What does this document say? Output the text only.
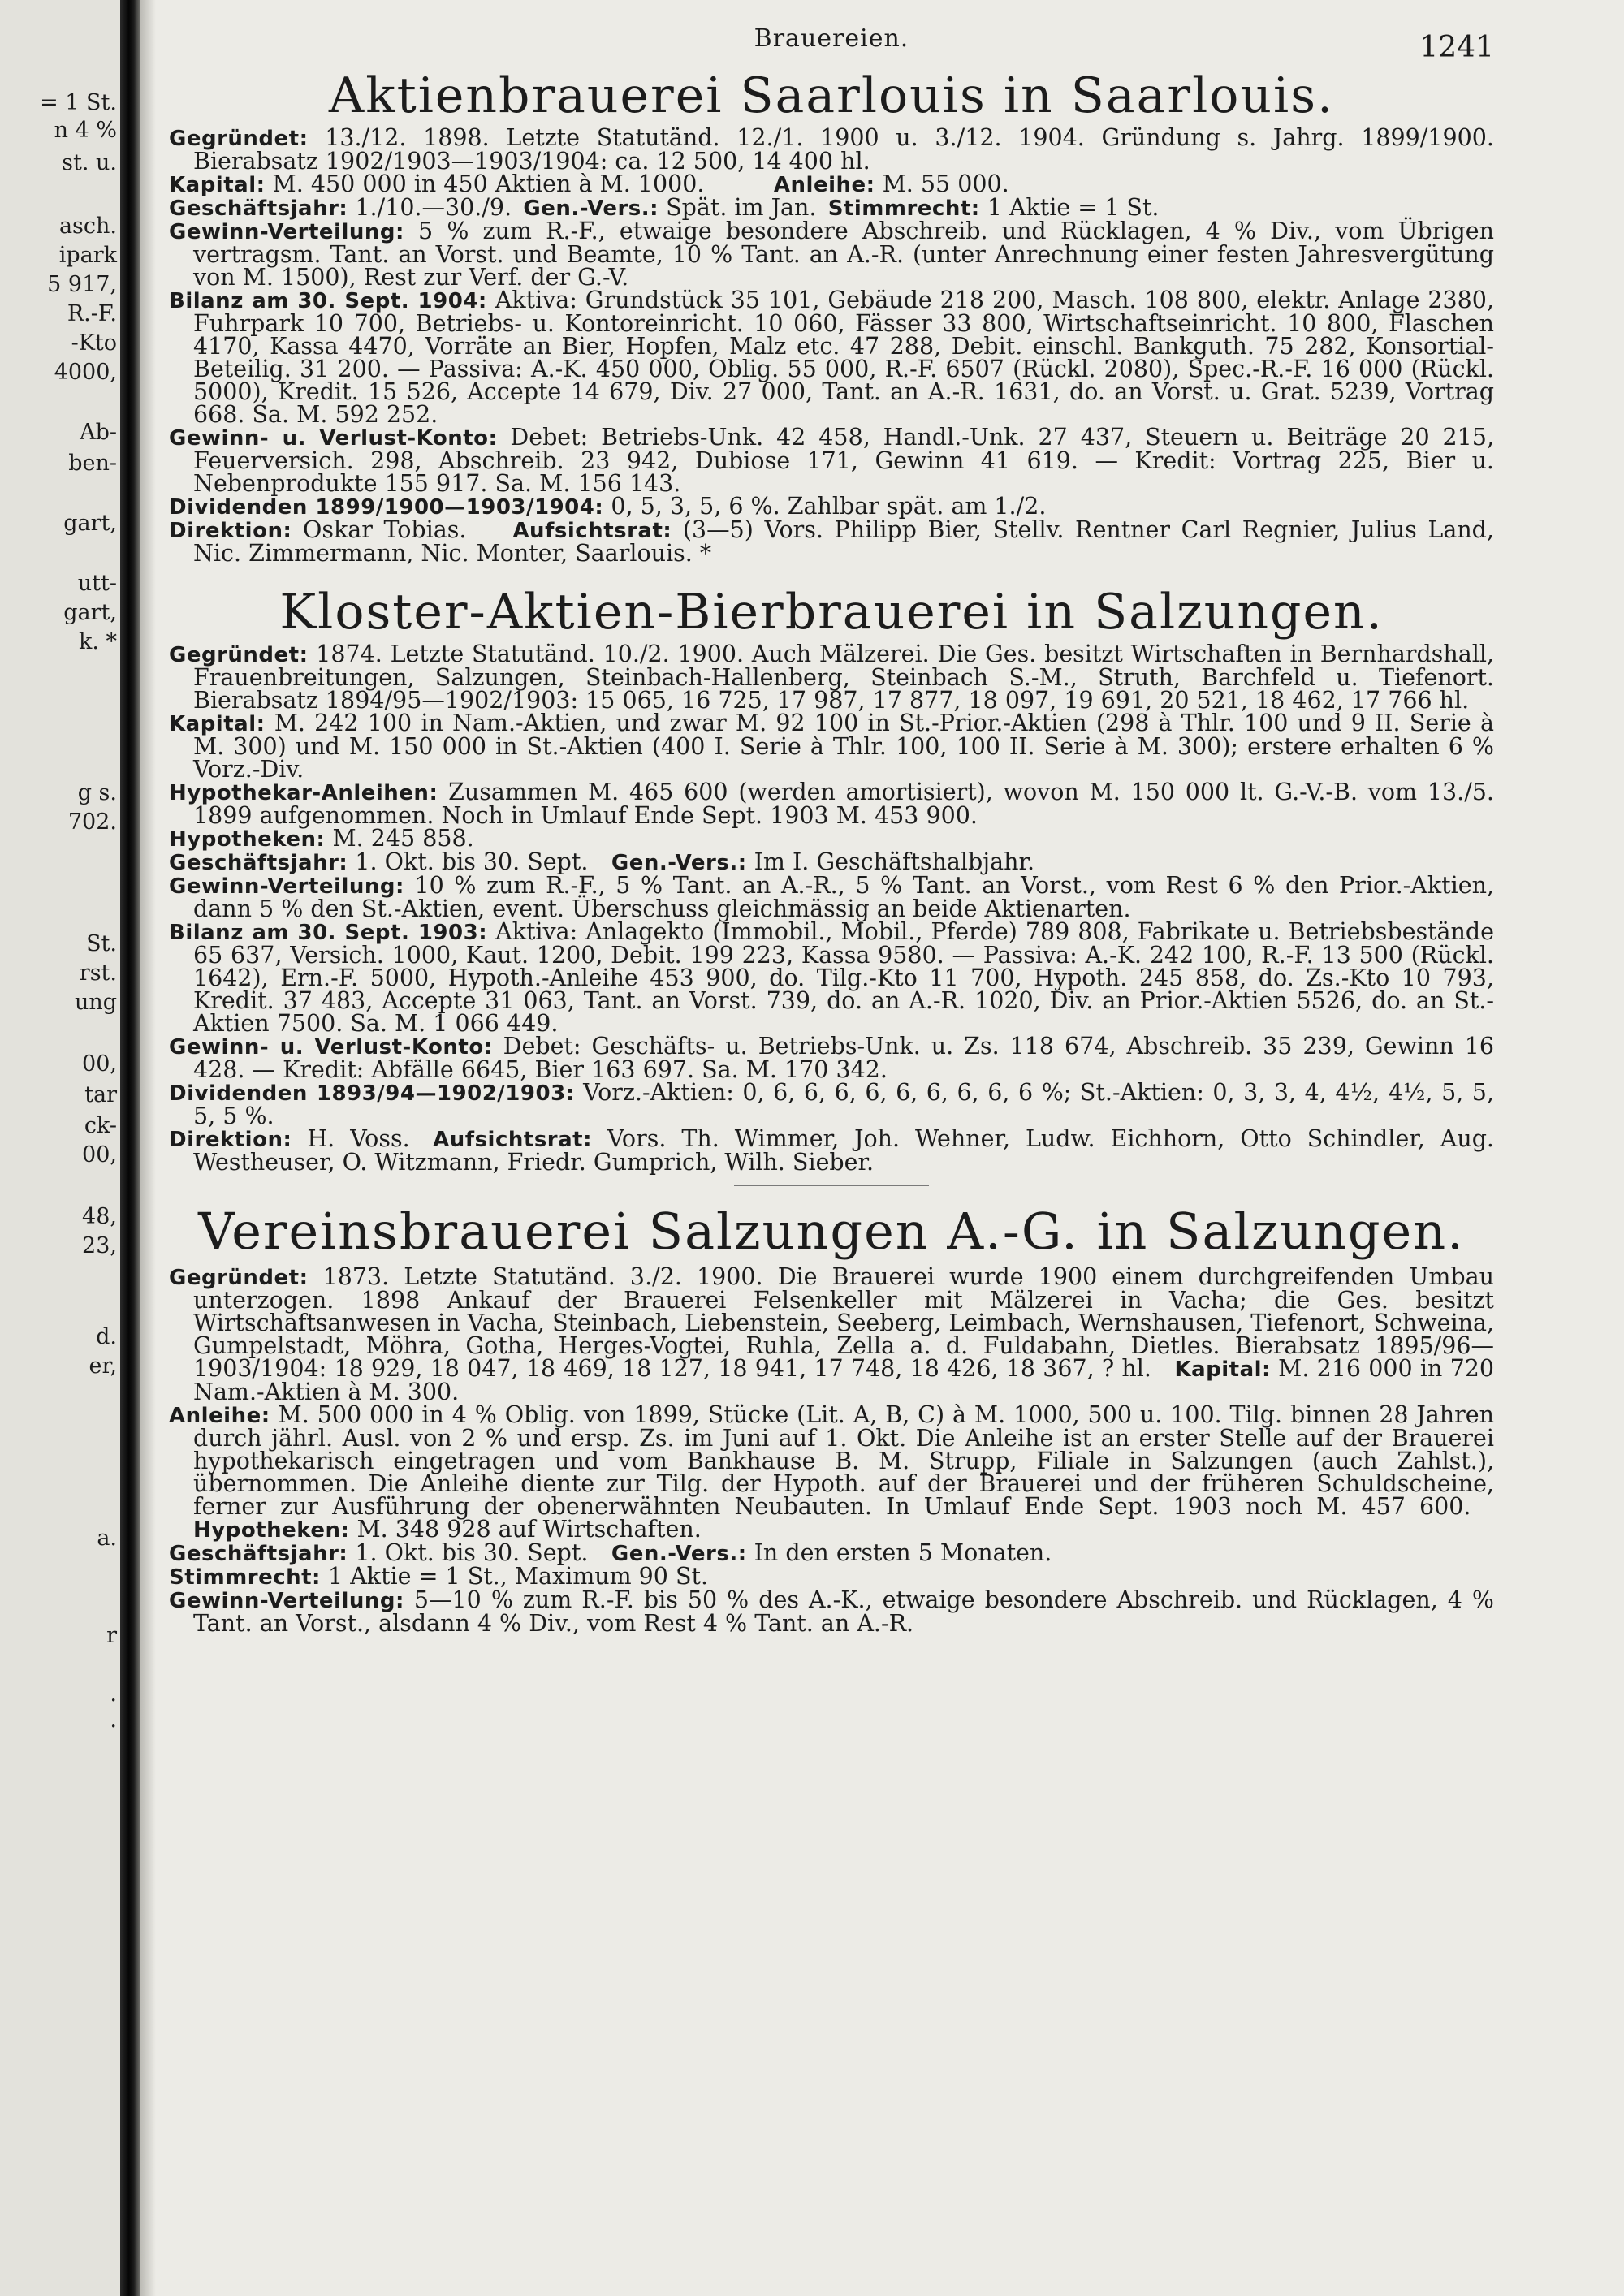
= 1 St.
n 4 %
st. u.
asch.
ipark
5 917,
R.-F.
-Kto
4000,
Ab-
ben-
gart,
utt-
gart,
k. *
g s.
702.
St.
rst.
ung
00,
tar
ck-
00,
48,
23,
d.
er,
a.
r
.
.
Brauereien.	1241
Aktienbrauerei Saarlouis in Saarlouis.

Gegründet: 13./12. 1898. Letzte Statutänd. 12./1. 1900 u. 3./12. 1904. Gründung s. Jahrg. 1899/1900. Bierabsatz 1902/1903—1903/1904: ca. 12 500, 14 400 hl.

Kapital: M. 450 000 in 450 Aktien à M. 1000.   	Anleihe: M. 55 000.

Geschäftsjahr: 1./10.—30./9.  Gen.-Vers.: Spät. im Jan.  Stimmrecht: 1 Aktie = 1 St.

Gewinn-Verteilung: 5 % zum R.-F., etwaige besondere Abschreib. und Rücklagen, 4 % Div., vom Übrigen vertragsm. Tant. an Vorst. und Beamte, 10 % Tant. an A.-R. (unter Anrechnung einer festen Jahresvergütung von M. 1500), Rest zur Verf. der G.-V.

Bilanz am 30. Sept. 1904: Aktiva: Grundstück 35 101, Gebäude 218 200, Masch. 108 800, elektr. Anlage 2380, Fuhrpark 10 700, Betriebs- u. Kontoreinricht. 10 060, Fässer 33 800, Wirtschaftseinricht. 10 800, Flaschen 4170, Kassa 4470, Vorräte an Bier, Hopfen, Malz etc. 47 288, Debit. einschl. Bankguth. 75 282, Konsortial-Beteilig. 31 200. — Passiva: A.-K. 450 000, Oblig. 55 000, R.-F. 6507 (Rückl. 2080), Spec.-R.-F. 16 000 (Rückl. 5000), Kredit. 15 526, Accepte 14 679, Div. 27 000, Tant. an A.-R. 1631, do. an Vorst. u. Grat. 5239, Vortrag 668. Sa. M. 592 252.

Gewinn- u. Verlust-Konto: Debet: Betriebs-Unk. 42 458, Handl.-Unk. 27 437, Steuern u. Beiträge 20 215, Feuerversich. 298, Abschreib. 23 942, Dubiose 171, Gewinn 41 619. — Kredit: Vortrag 225, Bier u. Nebenprodukte 155 917. Sa. M. 156 143.

Dividenden 1899/1900—1903/1904: 0, 5, 3, 5, 6 %. Zahlbar spät. am 1./2.

Direktion: Oskar Tobias.   Aufsichtsrat: (3—5) Vors. Philipp Bier, Stellv. Rentner Carl Regnier, Julius Land, Nic. Zimmermann, Nic. Monter, Saarlouis. *

Kloster-Aktien-Bierbrauerei in Salzungen.

Gegründet: 1874. Letzte Statutänd. 10./2. 1900. Auch Mälzerei. Die Ges. besitzt Wirtschaften in Bernhardshall, Frauenbreitungen, Salzungen, Steinbach-Hallenberg, Steinbach S.-M., Struth, Barchfeld u. Tiefenort. Bierabsatz 1894/95—1902/1903: 15 065, 16 725, 17 987, 17 877, 18 097, 19 691, 20 521, 18 462, 17 766 hl.

Kapital: M. 242 100 in Nam.-Aktien, und zwar M. 92 100 in St.-Prior.-Aktien (298 à Thlr. 100 und 9 II. Serie à M. 300) und M. 150 000 in St.-Aktien (400 I. Serie à Thlr. 100, 100 II. Serie à M. 300); erstere erhalten 6 % Vorz.-Div.

Hypothekar-Anleihen: Zusammen M. 465 600 (werden amortisiert), wovon M. 150 000 lt. G.-V.-B. vom 13./5. 1899 aufgenommen. Noch in Umlauf Ende Sept. 1903 M. 453 900.

Hypotheken: M. 245 858.

Geschäftsjahr: 1. Okt. bis 30. Sept.  Gen.-Vers.: Im I. Geschäftshalbjahr.

Gewinn-Verteilung: 10 % zum R.-F., 5 % Tant. an A.-R., 5 % Tant. an Vorst., vom Rest 6 % den Prior.-Aktien, dann 5 % den St.-Aktien, event. Überschuss gleichmässig an beide Aktienarten.

Bilanz am 30. Sept. 1903: Aktiva: Anlagekto (Immobil., Mobil., Pferde) 789 808, Fabrikate u. Betriebsbestände 65 637, Versich. 1000, Kaut. 1200, Debit. 199 223, Kassa 9580. — Passiva: A.-K. 242 100, R.-F. 13 500 (Rückl. 1642), Ern.-F. 5000, Hypoth.-Anleihe 453 900, do. Tilg.-Kto 11 700, Hypoth. 245 858, do. Zs.-Kto 10 793, Kredit. 37 483, Accepte 31 063, Tant. an Vorst. 739, do. an A.-R. 1020, Div. an Prior.-Aktien 5526, do. an St.-Aktien 7500. Sa. M. 1 066 449.

Gewinn- u. Verlust-Konto: Debet: Geschäfts- u. Betriebs-Unk. u. Zs. 118 674, Abschreib. 35 239, Gewinn 16 428. — Kredit: Abfälle 6645, Bier 163 697. Sa. M. 170 342.

Dividenden 1893/94—1902/1903: Vorz.-Aktien: 0, 6, 6, 6, 6, 6, 6, 6, 6, 6 %; St.-Aktien: 0, 3, 3, 4, 4½, 4½, 5, 5, 5, 5 %.

Direktion: H. Voss.  Aufsichtsrat: Vors. Th. Wimmer, Joh. Wehner, Ludw. Eichhorn, Otto Schindler, Aug. Westheuser, O. Witzmann, Friedr. Gumprich, Wilh. Sieber.

Vereinsbrauerei Salzungen A.-G. in Salzungen.

Gegründet: 1873. Letzte Statutänd. 3./2. 1900. Die Brauerei wurde 1900 einem durchgreifenden Umbau unterzogen. 1898 Ankauf der Brauerei Felsenkeller mit Mälzerei in Vacha; die Ges. besitzt Wirtschaftsanwesen in Vacha, Steinbach, Liebenstein, Seeberg, Leimbach, Wernshausen, Tiefenort, Schweina, Gumpelstadt, Möhra, Gotha, Herges-Vogtei, Ruhla, Zella a. d. Fuldabahn, Dietles. Bierabsatz 1895/96—1903/1904: 18 929, 18 047, 18 469, 18 127, 18 941, 17 748, 18 426, 18 367, ? hl.  Kapital: M. 216 000 in 720 Nam.-Aktien à M. 300.

Anleihe: M. 500 000 in 4 % Oblig. von 1899, Stücke (Lit. A, B, C) à M. 1000, 500 u. 100. Tilg. binnen 28 Jahren durch jährl. Ausl. von 2 % und ersp. Zs. im Juni auf 1. Okt. Die Anleihe ist an erster Stelle auf der Brauerei hypothekarisch eingetragen und vom Bankhause B. M. Strupp, Filiale in Salzungen (auch Zahlst.), übernommen. Die Anleihe diente zur Tilg. der Hypoth. auf der Brauerei und der früheren Schuldscheine, ferner zur Ausführung der obenerwähnten Neubauten. In Umlauf Ende Sept. 1903 noch M. 457 600. Hypotheken: M. 348 928 auf Wirtschaften.

Geschäftsjahr: 1. Okt. bis 30. Sept.  Gen.-Vers.: In den ersten 5 Monaten.

Stimmrecht: 1 Aktie = 1 St., Maximum 90 St.

Gewinn-Verteilung: 5—10 % zum R.-F. bis 50 % des A.-K., etwaige besondere Abschreib. und Rücklagen, 4 % Tant. an Vorst., alsdann 4 % Div., vom Rest 4 % Tant. an A.-R.
